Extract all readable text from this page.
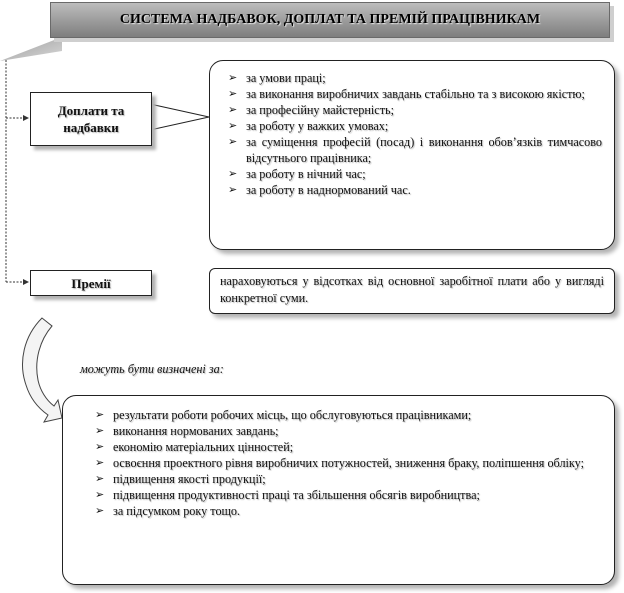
СИСТЕМА НАДБАВОК, ДОПЛАТ ТА ПРЕМІЙ ПРАЦІВНИКАМ
Доплати та
надбавки
➢ за умови праці;
➢ за виконання виробничих завдань стабільно та з високою якістю;
➢ за професійну майстерність;
➢ за роботу у важких умовах;
➢ за суміщення професій (посад) і виконання обов’язків тимчасово відсутнього працівника;
➢ за роботу в нічний час;
➢ за роботу в наднормований час.
Премії	нараховуються у відсотках від основної заробітної плати або у вигляді конкретної суми.
можуть бути визначені за:
➢ результати роботи робочих місць, що обслуговуються працівниками;
➢ виконання нормованих завдань;
➢ економію матеріальних цінностей;
➢ освоєння проектного рівня виробничих потужностей, зниження браку, поліпшення обліку;
➢ підвищення якості продукції;
➢ підвищення продуктивності праці та збільшення обсягів виробництва;
➢ за підсумком року тощо.
